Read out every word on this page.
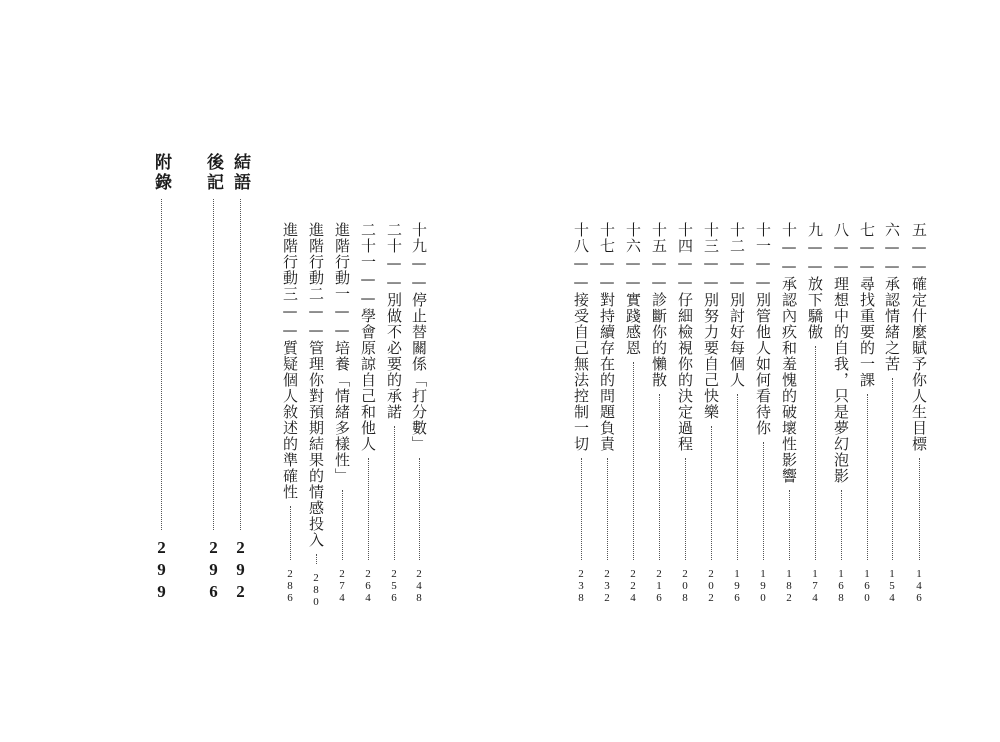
五——確定什麼賦予你人生目標
146
六——承認情緒之苦
154
七——尋找重要的一課
160
八——理想中的自我，只是夢幻泡影
168
九——放下驕傲
174
十——承認內疚和羞愧的破壞性影響
182
十一——別管他人如何看待你
190
十二——別討好每個人
196
十三——別努力要自己快樂
202
十四——仔細檢視你的決定過程
208
十五——診斷你的懶散
216
十六——實踐感恩
224
十七——對持續存在的問題負責
232
十八——接受自己無法控制一切
238
十九——停止替關係「打分數」
248
二十——別做不必要的承諾
256
二十一——學會原諒自己和他人
264
進階行動一——培養「情緒多樣性」
274
進階行動二——管理你對預期結果的情感投入
280
進階行動三——質疑個人敘述的準確性
286
結語
292
後記
296
附錄
299
